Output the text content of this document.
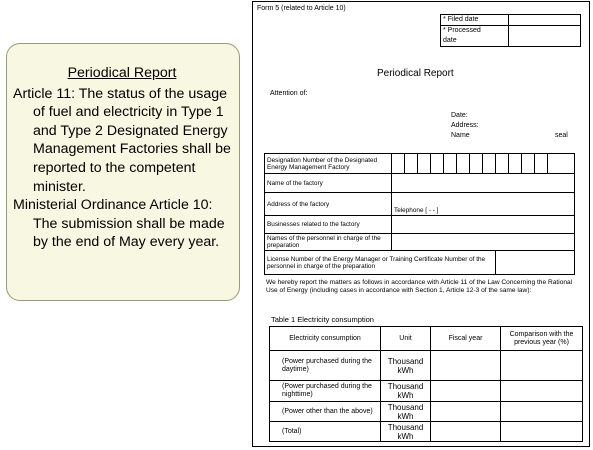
Periodical Report
Article 11: The status of the usage of fuel and electricity in Type 1 and Type 2 Designated Energy Management Factories shall be reported to the competent minister.
Ministerial Ordinance Article 10: The submission shall be made by the end of May every year.
Form 5 (related to Article 10)
* Filed date
* Processed
date
Periodical Report
Attention of:
Date:
Address:
Name	seal
Designation Number of the Designated Energy Management Factory													
Name of the factory													
Address of the factory	Telephone [ - - ]												

Businesses related to the factory													
Names of the personnel in charge of the preparation													
License Number of the Energy Manager or Training Certificate Number of the personnel in charge of the preparation													
We hereby report the matters as follows in accordance with Article 11 of the Law Concerning the Rational Use of Energy (including cases in accordance with Section 1, Article 12-3 of the same law):
Table 1 Electricity consumption
Electricity consumption	Unit	Fiscal year	Comparison with the previous year (%)
(Power purchased during the daytime)	Thousand kWh		
(Power purchased during the nighttime)	Thousand kWh		
(Power other than the above)	Thousand kWh		
(Total)	Thousand kWh		
